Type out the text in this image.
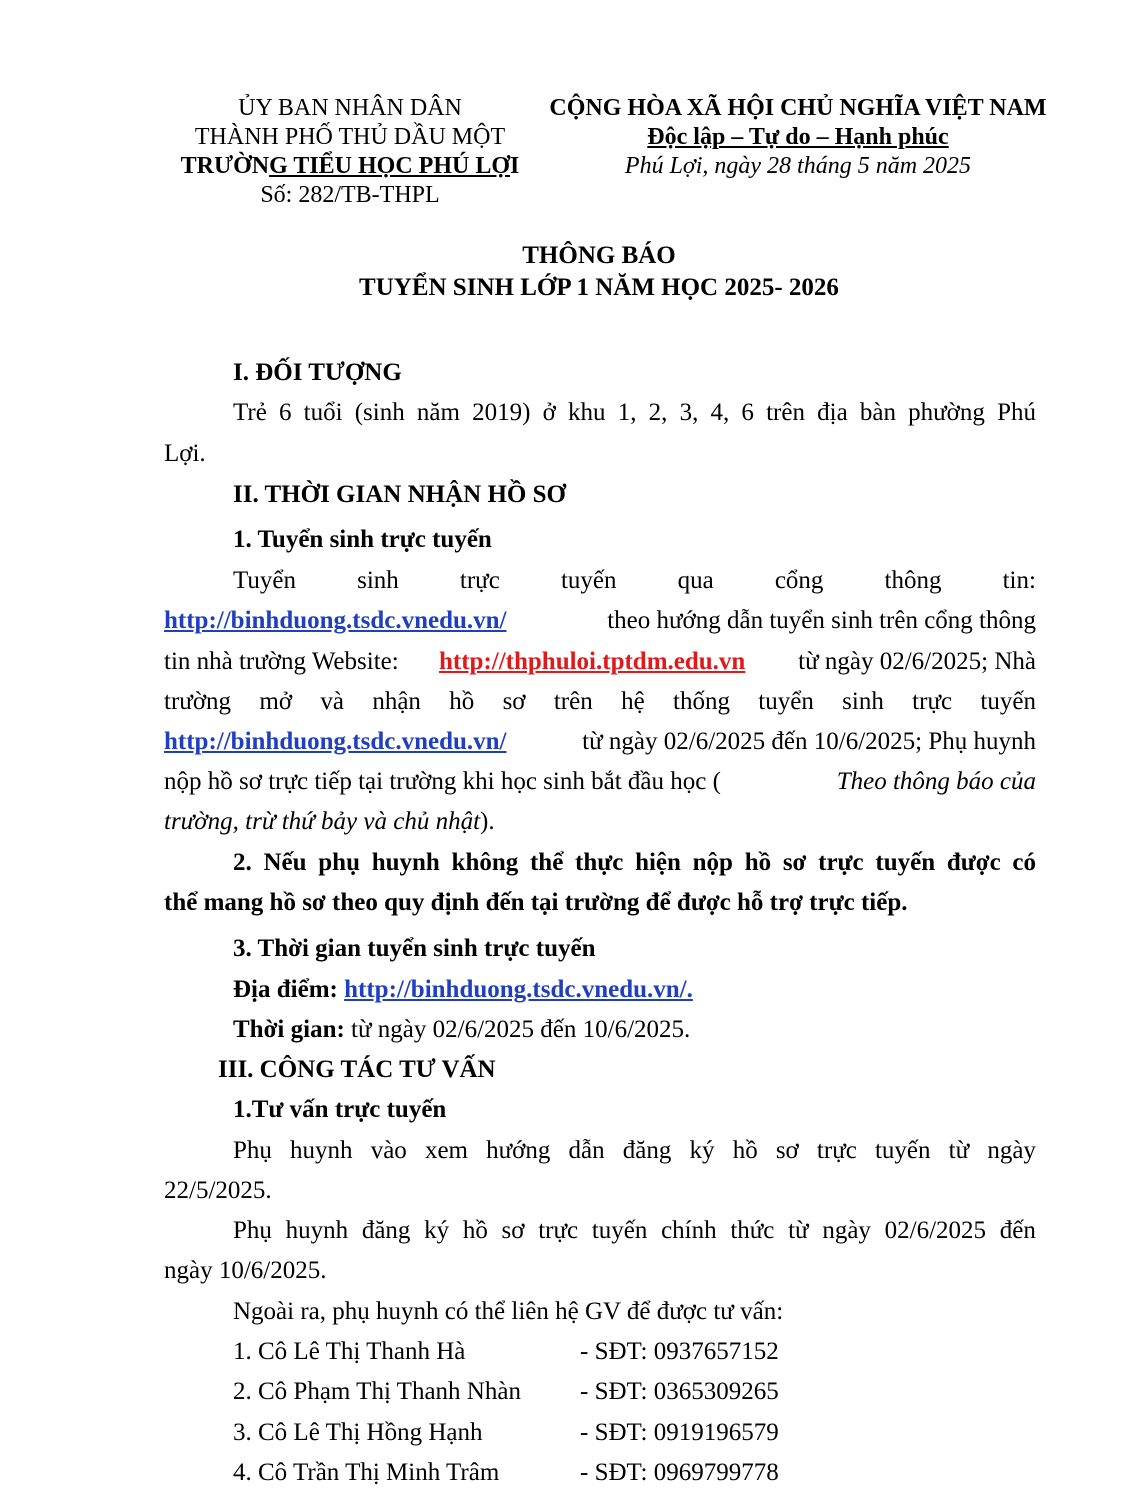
ỦY BAN NHÂN DÂN
THÀNH PHỐ THỦ DẦU MỘT
TRƯỜNG TIỂU HỌC PHÚ LỢI
Số: 282/TB-THPL
CỘNG HÒA XÃ HỘI CHỦ NGHĨA VIỆT NAM
Độc lập – Tự do – Hạnh phúc
Phú Lợi, ngày 28 tháng 5 năm 2025
THÔNG BÁO
TUYỂN SINH LỚP 1 NĂM HỌC 2025- 2026
I. ĐỐI TƯỢNG
Trẻ 6 tuổi (sinh năm 2019) ở khu 1, 2, 3, 4, 6 trên địa bàn phường Phú
Lợi.
II. THỜI GIAN NHẬN HỒ SƠ
1. Tuyển sinh trực tuyến
Tuyển sinh trực tuyến qua cổng thông tin:
http://binhduong.tsdc.vnedu.vn/	theo hướng dẫn tuyển sinh trên cổng thông
tin nhà trường Website: http://thphuloi.tptdm.edu.vn từ ngày 02/6/2025; Nhà
trường mở và nhận hồ sơ trên hệ thống tuyển sinh trực tuyến
http://binhduong.tsdc.vnedu.vn/	từ ngày 02/6/2025 đến 10/6/2025; Phụ huynh
nộp hồ sơ trực tiếp tại trường khi học sinh bắt đầu học (	Theo thông báo của
trường, trừ thứ bảy và chủ nhật).
2. Nếu phụ huynh không thể thực hiện nộp hồ sơ trực tuyến được có
thể mang hồ sơ theo quy định đến tại trường để được hỗ trợ trực tiếp.
3. Thời gian tuyển sinh trực tuyến
Địa điểm: http://binhduong.tsdc.vnedu.vn/.
Thời gian: từ ngày 02/6/2025 đến 10/6/2025.
III. CÔNG TÁC TƯ VẤN
1.Tư vấn trực tuyến
Phụ huynh vào xem hướng dẫn đăng ký hồ sơ trực tuyến từ ngày
22/5/2025.
Phụ huynh đăng ký hồ sơ trực tuyến chính thức từ ngày 02/6/2025 đến
ngày 10/6/2025.
Ngoài ra, phụ huynh có thể liên hệ GV để được tư vấn:
1. Cô Lê Thị Thanh Hà	- SĐT: 0937657152
2. Cô Phạm Thị Thanh Nhàn - SĐT: 0365309265
3. Cô Lê Thị Hồng Hạnh	- SĐT: 0919196579
4. Cô Trần Thị Minh Trâm	- SĐT: 0969799778
